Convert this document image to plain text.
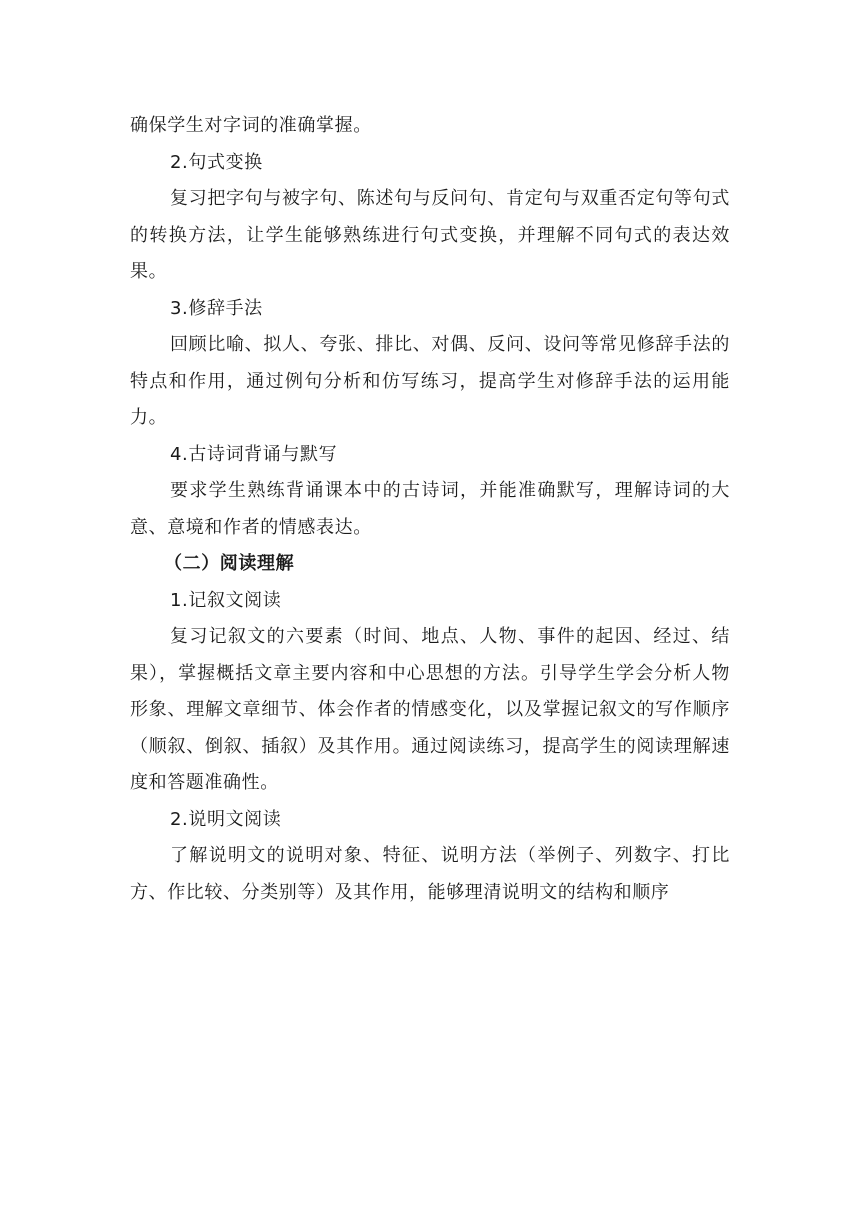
确保学生对字词的准确掌握。

2.句式变换

复习把字句与被字句、陈述句与反问句、肯定句与双重否定句等句式的转换方法，让学生能够熟练进行句式变换，并理解不同句式的表达效果。

3.修辞手法

回顾比喻、拟人、夸张、排比、对偶、反问、设问等常见修辞手法的特点和作用，通过例句分析和仿写练习，提高学生对修辞手法的运用能力。

4.古诗词背诵与默写

要求学生熟练背诵课本中的古诗词，并能准确默写，理解诗词的大意、意境和作者的情感表达。

（二）阅读理解

1.记叙文阅读

复习记叙文的六要素（时间、地点、人物、事件的起因、经过、结果），掌握概括文章主要内容和中心思想的方法。引导学生学会分析人物形象、理解文章细节、体会作者的情感变化，以及掌握记叙文的写作顺序（顺叙、倒叙、插叙）及其作用。通过阅读练习，提高学生的阅读理解速度和答题准确性。

2.说明文阅读

了解说明文的说明对象、特征、说明方法（举例子、列数字、打比方、作比较、分类别等）及其作用，能够理清说明文的结构和顺序
